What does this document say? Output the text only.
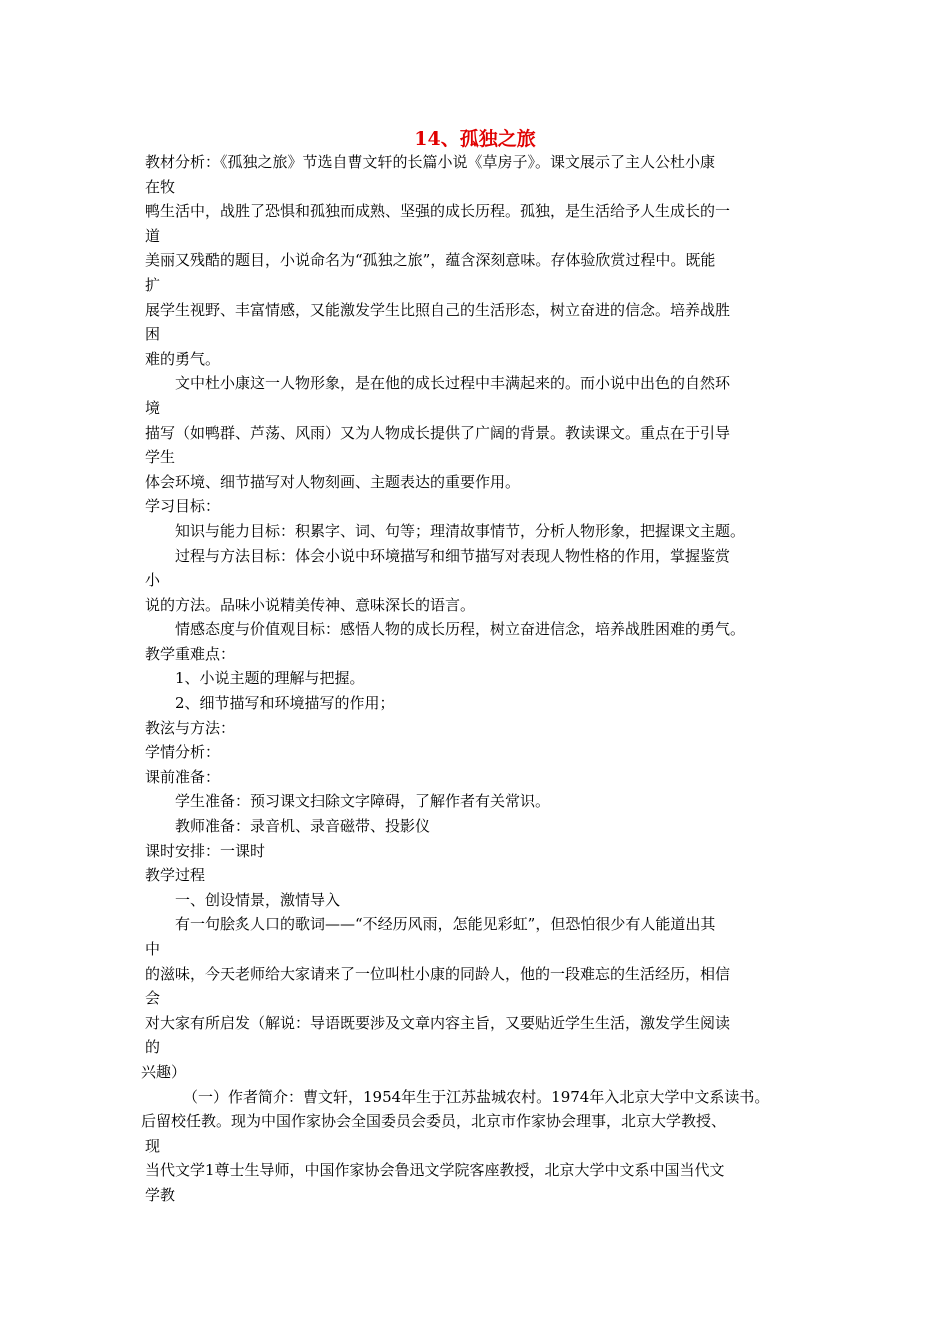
14、孤独之旅
教材分析：《孤独之旅》节选自曹文轩的长篇小说《草房子》。课文展示了主人公杜小康
在牧
鸭生活中，战胜了恐惧和孤独而成熟、坚强的成长历程。孤独，是生活给予人生成长的一
道
美丽又残酷的题目，小说命名为“孤独之旅”，蕴含深刻意味。存体验欣赏过程中。既能
扩
展学生视野、丰富情感，又能激发学生比照自己的生活形态，树立奋进的信念。培养战胜
困
难的勇气。
文中杜小康这一人物形象，是在他的成长过程中丰满起来的。而小说中出色的自然环
境
描写（如鸭群、芦荡、风雨）又为人物成长提供了广阔的背景。教读课文。重点在于引导
学生
体会环境、细节描写对人物刻画、主题表达的重要作用。
学习目标：
知识与能力目标：积累字、词、句等；理清故事情节，分析人物形象，把握课文主题。
过程与方法目标：体会小说中环境描写和细节描写对表现人物性格的作用，掌握鉴赏
小
说的方法。品味小说精美传神、意味深长的语言。
情感态度与价值观目标：感悟人物的成长历程，树立奋进信念，培养战胜困难的勇气。
教学重难点：
1、小说主题的理解与把握。
2、细节描写和环境描写的作用；
教泫与方法：
学情分析：
课前准备：
学生准备：预习课文扫除文字障碍，了解作者有关常识。
教师准备：录音机、录音磁带、投影仪
课时安排：一课时
教学过程
一、创设情景，激情导入
有一句脍炙人口的歌词——“不经历风雨，怎能见彩虹”，但恐怕很少有人能道出其
中
的滋味，今天老师给大家请来了一位叫杜小康的同龄人，他的一段难忘的生活经历，相信
会
对大家有所启发（解说：导语既要涉及文章内容主旨，又要贴近学生生活，激发学生阅读
的
兴趣）
（一）作者简介：曹文轩，1954年生于江苏盐城农村。1974年入北京大学中文系读书。
后留校任教。现为中国作家协会全国委员会委员，北京市作家协会理事，北京大学教授、
现
当代文学1尊士生导师，中国作家协会鲁迅文学院客座教授，北京大学中文系中国当代文
学教
